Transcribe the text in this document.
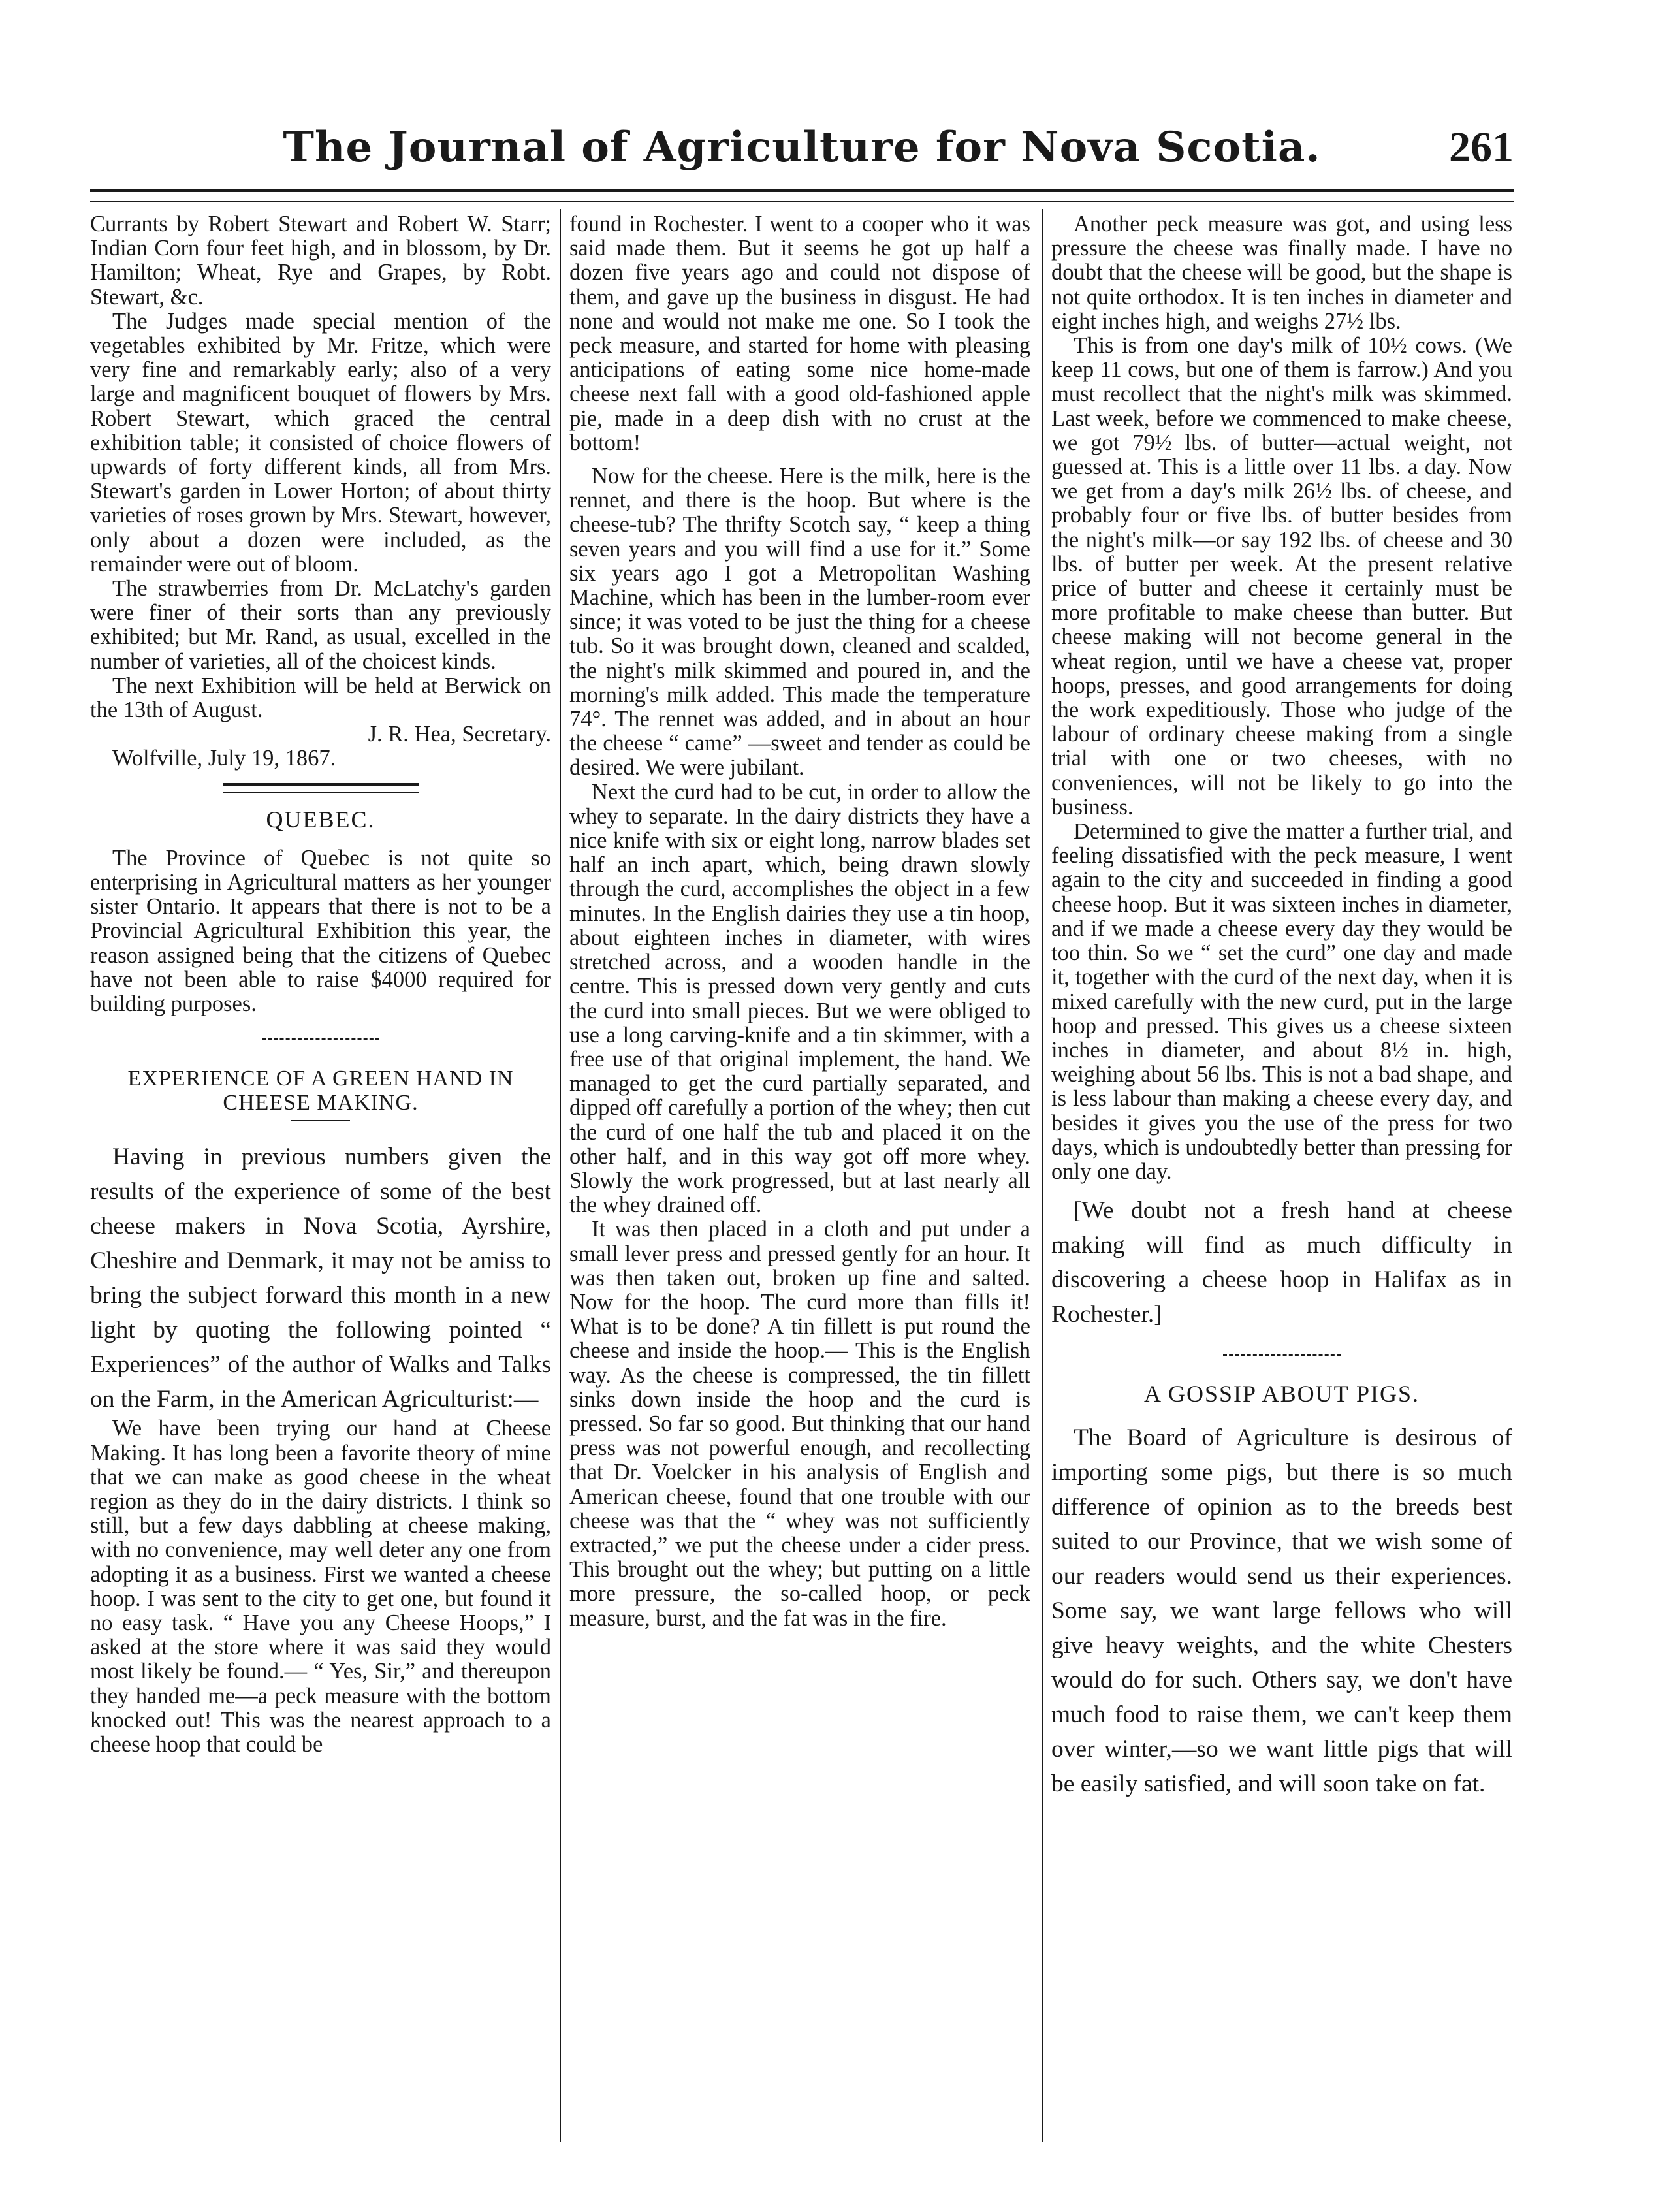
The Journal of Agriculture for Nova Scotia.	261

Currants by Robert Stewart and Robert W. Starr; Indian Corn four feet high, and in blossom, by Dr. Hamilton; Wheat, Rye and Grapes, by Robt. Stewart, &c.

The Judges made special mention of the vegetables exhibited by Mr. Fritze, which were very fine and remarkably early; also of a very large and magnificent bouquet of flowers by Mrs. Robert Stewart, which graced the central exhibition table; it consisted of choice flowers of upwards of forty different kinds, all from Mrs. Stewart's garden in Lower Horton; of about thirty varieties of roses grown by Mrs. Stewart, however, only about a dozen were included, as the remainder were out of bloom.

The strawberries from Dr. McLatchy's garden were finer of their sorts than any previously exhibited; but Mr. Rand, as usual, excelled in the number of varieties, all of the choicest kinds.

The next Exhibition will be held at Berwick on the 13th of August.

J. R. Hea, Secretary.

Wolfville, July 19, 1867.

QUEBEC.

The Province of Quebec is not quite so enterprising in Agricultural matters as her younger sister Ontario. It appears that there is not to be a Provincial Agricultural Exhibition this year, the reason assigned being that the citizens of Quebec have not been able to raise $4000 required for building purposes.

EXPERIENCE OF A GREEN HAND IN CHEESE MAKING.

Having in previous numbers given the results of the experience of some of the best cheese makers in Nova Scotia, Ayrshire, Cheshire and Denmark, it may not be amiss to bring the subject forward this month in a new light by quoting the following pointed “ Experiences” of the author of Walks and Talks on the Farm, in the American Agriculturist:—

We have been trying our hand at Cheese Making. It has long been a favorite theory of mine that we can make as good cheese in the wheat region as they do in the dairy districts. I think so still, but a few days dabbling at cheese making, with no convenience, may well deter any one from adopting it as a business. First we wanted a cheese hoop. I was sent to the city to get one, but found it no easy task. “ Have you any Cheese Hoops,” I asked at the store where it was said they would most likely be found.— “ Yes, Sir,” and thereupon they handed me—a peck measure with the bottom knocked out! This was the nearest approach to a cheese hoop that could be

found in Rochester. I went to a cooper who it was said made them. But it seems he got up half a dozen five years ago and could not dispose of them, and gave up the business in disgust. He had none and would not make me one. So I took the peck measure, and started for home with pleasing anticipations of eating some nice home-made cheese next fall with a good old-fashioned apple pie, made in a deep dish with no crust at the bottom!

Now for the cheese. Here is the milk, here is the rennet, and there is the hoop. But where is the cheese-tub? The thrifty Scotch say, “ keep a thing seven years and you will find a use for it.” Some six years ago I got a Metropolitan Washing Machine, which has been in the lumber-room ever since; it was voted to be just the thing for a cheese tub. So it was brought down, cleaned and scalded, the night's milk skimmed and poured in, and the morning's milk added. This made the temperature 74°. The rennet was added, and in about an hour the cheese “ came” —sweet and tender as could be desired. We were jubilant.

Next the curd had to be cut, in order to allow the whey to separate. In the dairy districts they have a nice knife with six or eight long, narrow blades set half an inch apart, which, being drawn slowly through the curd, accomplishes the object in a few minutes. In the English dairies they use a tin hoop, about eighteen inches in diameter, with wires stretched across, and a wooden handle in the centre. This is pressed down very gently and cuts the curd into small pieces. But we were obliged to use a long carving-knife and a tin skimmer, with a free use of that original implement, the hand. We managed to get the curd partially separated, and dipped off carefully a portion of the whey; then cut the curd of one half the tub and placed it on the other half, and in this way got off more whey. Slowly the work progressed, but at last nearly all the whey drained off.

It was then placed in a cloth and put under a small lever press and pressed gently for an hour. It was then taken out, broken up fine and salted. Now for the hoop. The curd more than fills it! What is to be done? A tin fillett is put round the cheese and inside the hoop.— This is the English way. As the cheese is compressed, the tin fillett sinks down inside the hoop and the curd is pressed. So far so good. But thinking that our hand press was not powerful enough, and recollecting that Dr. Voelcker in his analysis of English and American cheese, found that one trouble with our cheese was that the “ whey was not sufficiently extracted,” we put the cheese under a cider press. This brought out the whey; but putting on a little more pressure, the so-called hoop, or peck measure, burst, and the fat was in the fire.

Another peck measure was got, and using less pressure the cheese was finally made. I have no doubt that the cheese will be good, but the shape is not quite orthodox. It is ten inches in diameter and eight inches high, and weighs 27½ lbs.

This is from one day's milk of 10½ cows. (We keep 11 cows, but one of them is farrow.) And you must recollect that the night's milk was skimmed. Last week, before we commenced to make cheese, we got 79½ lbs. of butter—actual weight, not guessed at. This is a little over 11 lbs. a day. Now we get from a day's milk 26½ lbs. of cheese, and probably four or five lbs. of butter besides from the night's milk—or say 192 lbs. of cheese and 30 lbs. of butter per week. At the present relative price of butter and cheese it certainly must be more profitable to make cheese than butter. But cheese making will not become general in the wheat region, until we have a cheese vat, proper hoops, presses, and good arrangements for doing the work expeditiously. Those who judge of the labour of ordinary cheese making from a single trial with one or two cheeses, with no conveniences, will not be likely to go into the business.

Determined to give the matter a further trial, and feeling dissatisfied with the peck measure, I went again to the city and succeeded in finding a good cheese hoop. But it was sixteen inches in diameter, and if we made a cheese every day they would be too thin. So we “ set the curd” one day and made it, together with the curd of the next day, when it is mixed carefully with the new curd, put in the large hoop and pressed. This gives us a cheese sixteen inches in diameter, and about 8½ in. high, weighing about 56 lbs. This is not a bad shape, and is less labour than making a cheese every day, and besides it gives you the use of the press for two days, which is undoubtedly better than pressing for only one day.

[We doubt not a fresh hand at cheese making will find as much difficulty in discovering a cheese hoop in Halifax as in Rochester.]

A GOSSIP ABOUT PIGS.

The Board of Agriculture is desirous of importing some pigs, but there is so much difference of opinion as to the breeds best suited to our Province, that we wish some of our readers would send us their experiences. Some say, we want large fellows who will give heavy weights, and the white Chesters would do for such. Others say, we don't have much food to raise them, we can't keep them over winter,—so we want little pigs that will be easily satisfied, and will soon take on fat.
